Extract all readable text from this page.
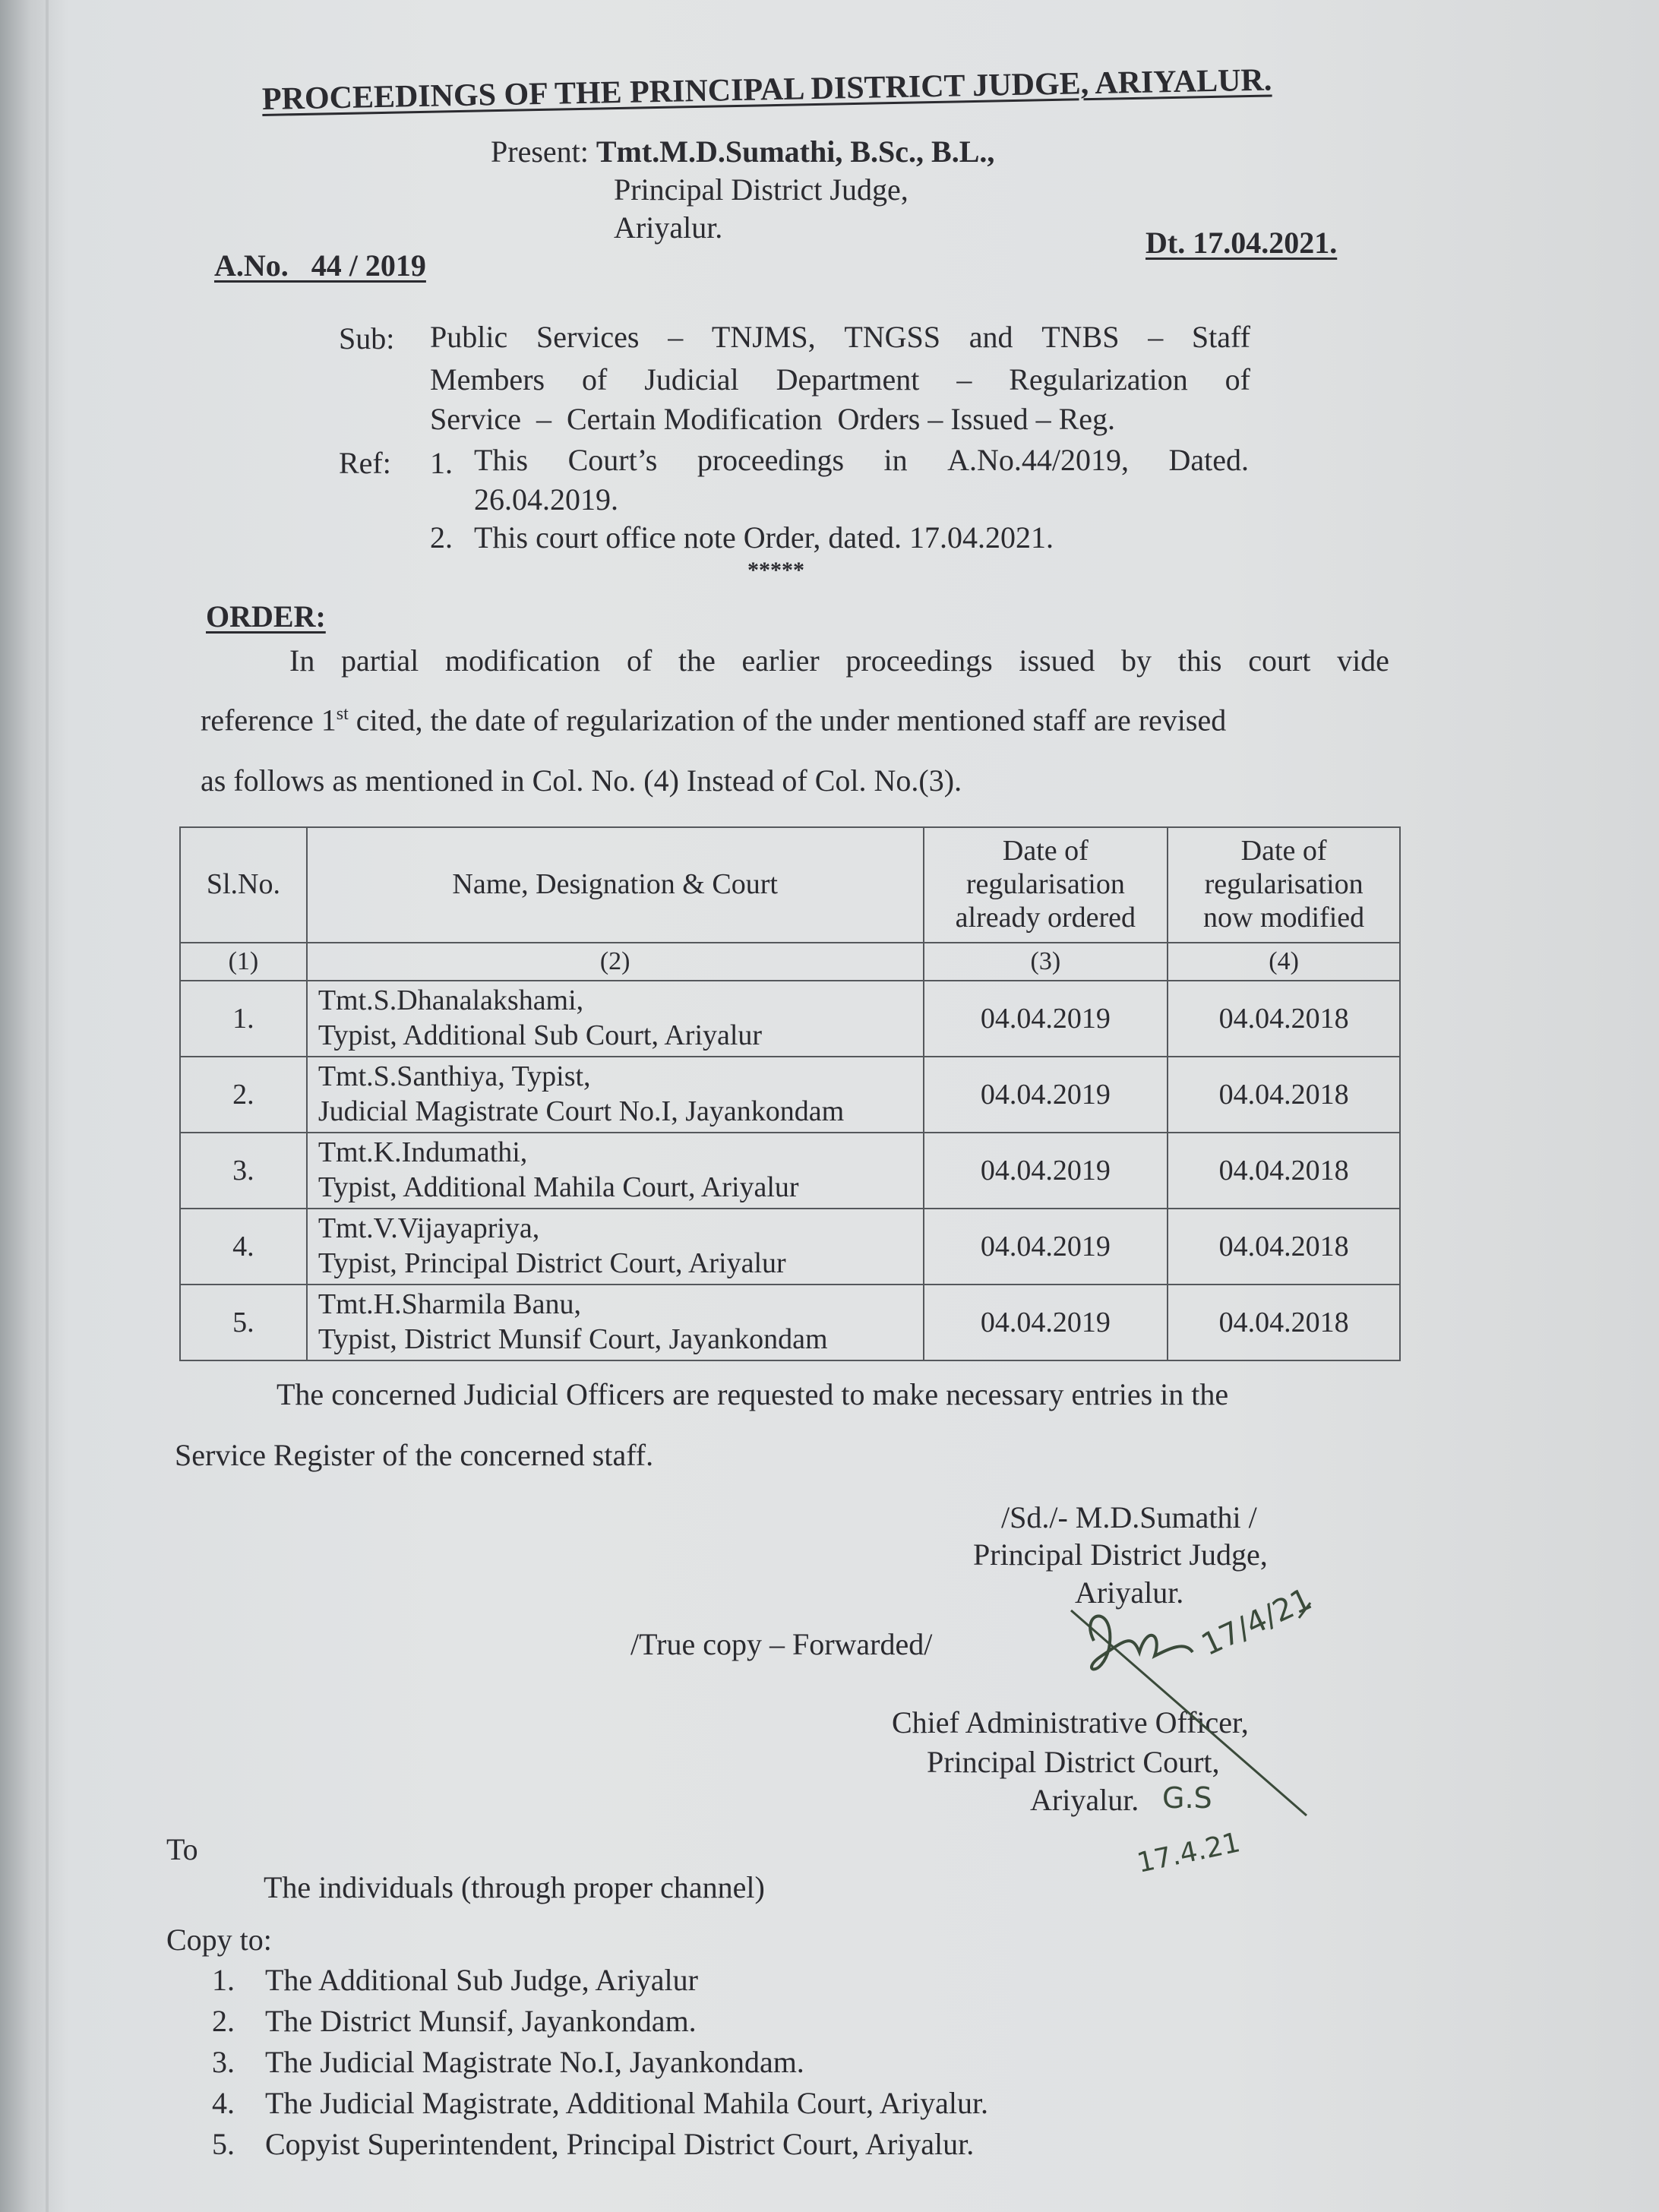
PROCEEDINGS OF THE PRINCIPAL DISTRICT JUDGE, ARIYALUR.
Present: Tmt.M.D.Sumathi, B.Sc., B.L.,
Principal District Judge,
Ariyalur.
A.No.   44 / 2019
Dt. 17.04.2021.
Sub: Public Services – TNJMS, TNGSS and TNBS – Staff
Members of Judicial Department – Regularization of
Service  –  Certain Modification  Orders – Issued – Reg.
Ref: 1. This Court’s proceedings in A.No.44/2019, Dated.
26.04.2019.
2. This court office note Order, dated. 17.04.2021.
*****
ORDER:
In partial modification of the earlier proceedings issued by this court vide
reference 1st cited, the date of regularization of the under mentioned staff are revised
as follows as mentioned in Col. No. (4) Instead of Col. No.(3).
Sl.No.	Name, Designation & Court	Date of regularisation already ordered	Date of regularisation now modified
(1)	(2)	(3)	(4)
1.	Tmt.S.Dhanalakshami,
Typist, Additional Sub Court, Ariyalur	04.04.2019	04.04.2018
2.	Tmt.S.Santhiya, Typist,
Judicial Magistrate Court No.I, Jayankondam	04.04.2019	04.04.2018
3.	Tmt.K.Indumathi,
Typist, Additional Mahila Court, Ariyalur	04.04.2019	04.04.2018
4.	Tmt.V.Vijayapriya,
Typist, Principal District Court, Ariyalur	04.04.2019	04.04.2018
5.	Tmt.H.Sharmila Banu,
Typist, District Munsif Court, Jayankondam	04.04.2019	04.04.2018
The concerned Judicial Officers are requested to make necessary entries in the
Service Register of the concerned staff.
/Sd./- M.D.Sumathi /
Principal District Judge,
Ariyalur.
/True copy – Forwarded/
Chief Administrative Officer,
Principal District Court,
Ariyalur.
17/4/21
G.S
17.4.21
To
The individuals (through proper channel)
Copy to:
1. The Additional Sub Judge, Ariyalur
2. The District Munsif, Jayankondam.
3. The Judicial Magistrate No.I, Jayankondam.
4. The Judicial Magistrate, Additional Mahila Court, Ariyalur.
5. Copyist Superintendent, Principal District Court, Ariyalur.
